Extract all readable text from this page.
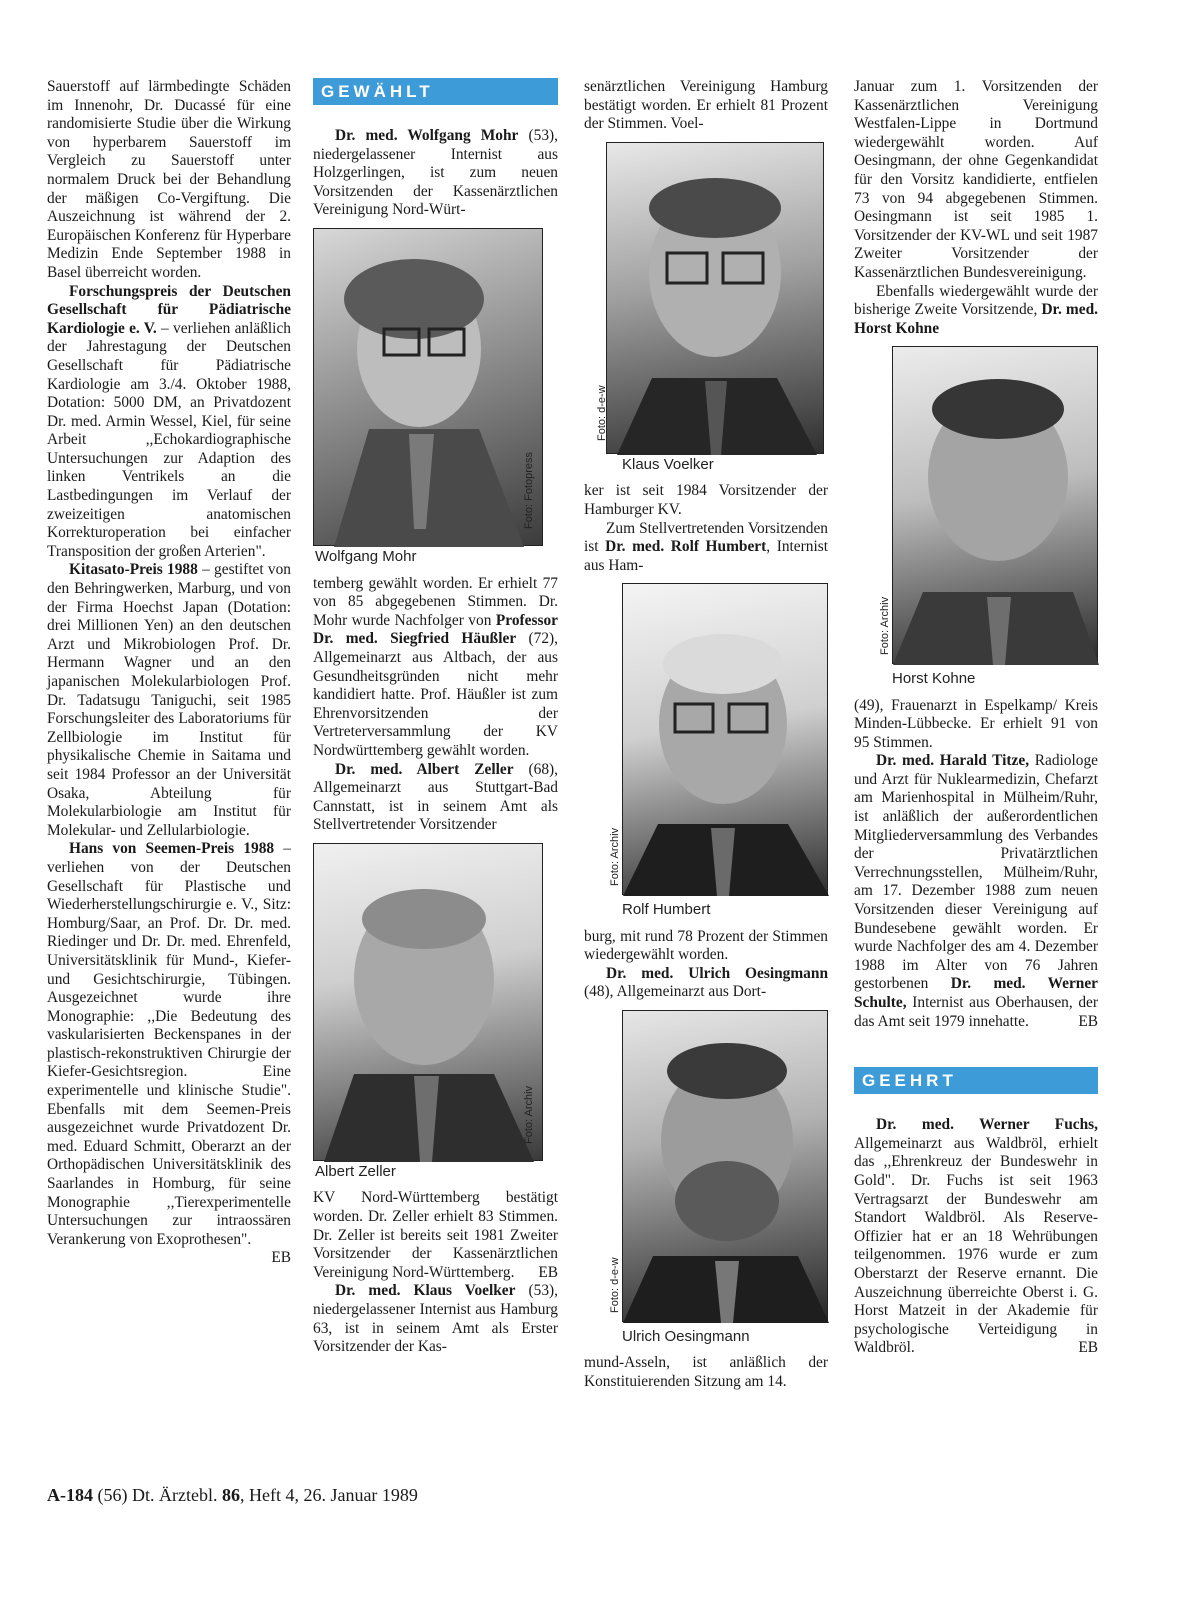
Sauerstoff auf lärmbedingte Schäden im Innenohr, Dr. Ducassé für eine randomisierte Studie über die Wirkung von hyperbarem Sauerstoff im Vergleich zu Sauerstoff unter normalem Druck bei der Behandlung der mäßigen Co-Vergiftung. Die Auszeichnung ist während der 2. Europäischen Konferenz für Hyperbare Medizin Ende September 1988 in Basel überreicht worden.

Forschungspreis der Deutschen Gesellschaft für Pädiatrische Kardiologie e. V. – verliehen anläßlich der Jahrestagung der Deutschen Gesellschaft für Pädiatrische Kardiologie am 3./4. Oktober 1988, Dotation: 5000 DM, an Privatdozent Dr. med. Armin Wessel, Kiel, für seine Arbeit ,,Echokardiographische Untersuchungen zur Adaption des linken Ventrikels an die Lastbedingungen im Verlauf der zweizeitigen anatomischen Korrekturoperation bei einfacher Transposition der großen Arterien".

Kitasato-Preis 1988 – gestiftet von den Behringwerken, Marburg, und von der Firma Hoechst Japan (Dotation: drei Millionen Yen) an den deutschen Arzt und Mikrobiologen Prof. Dr. Hermann Wagner und an den japanischen Molekularbiologen Prof. Dr. Tadatsugu Taniguchi, seit 1985 Forschungsleiter des Laboratoriums für Zellbiologie im Institut für physikalische Chemie in Saitama und seit 1984 Professor an der Universität Osaka, Abteilung für Molekularbiologie am Institut für Molekular- und Zellularbiologie.

Hans von Seemen-Preis 1988 – verliehen von der Deutschen Gesellschaft für Plastische und Wiederherstellungschirurgie e. V., Sitz: Homburg/Saar, an Prof. Dr. Dr. med. Riedinger und Dr. Dr. med. Ehrenfeld, Universitätsklinik für Mund-, Kiefer- und Gesichtschirurgie, Tübingen. Ausgezeichnet wurde ihre Monographie: ,,Die Bedeutung des vaskularisierten Beckenspanes in der plastisch-rekonstruktiven Chirurgie der Kiefer-Gesichtsregion. Eine experimentelle und klinische Studie". Ebenfalls mit dem Seemen-Preis ausgezeichnet wurde Privatdozent Dr. med. Eduard Schmitt, Oberarzt an der Orthopädischen Universitätsklinik des Saarlandes in Homburg, für seine Monographie ,,Tierexperimentelle Untersuchungen zur intraossären Verankerung von Exoprothesen".
EB

GEWÄHLT

Dr. med. Wolfgang Mohr (53), niedergelassener Internist aus Holzgerlingen, ist zum neuen Vorsitzenden der Kassenärztlichen Vereinigung Nord-Würt-

Foto: Fotopress
Wolfgang Mohr

temberg gewählt worden. Er erhielt 77 von 85 abgegebenen Stimmen. Dr. Mohr wurde Nachfolger von Professor Dr. med. Siegfried Häußler (72), Allgemeinarzt aus Altbach, der aus Gesundheitsgründen nicht mehr kandidiert hatte. Prof. Häußler ist zum Ehrenvorsitzenden der Vertreterversammlung der KV Nordwürttemberg gewählt worden.

Dr. med. Albert Zeller (68), Allgemeinarzt aus Stuttgart-Bad Cannstatt, ist in seinem Amt als Stellvertretender Vorsitzender

Foto: Archiv
Albert Zeller

KV Nord-Württemberg bestätigt worden. Dr. Zeller erhielt 83 Stimmen. Dr. Zeller ist bereits seit 1981 Zweiter Vorsitzender der Kassenärztlichen Vereinigung Nord-Württemberg. EB

Dr. med. Klaus Voelker (53), niedergelassener Internist aus Hamburg 63, ist in seinem Amt als Erster Vorsitzender der Kas-

senärztlichen Vereinigung Hamburg bestätigt worden. Er erhielt 81 Prozent der Stimmen. Voel-

Foto: d-e-w
Klaus Voelker

ker ist seit 1984 Vorsitzender der Hamburger KV.

Zum Stellvertretenden Vorsitzenden ist Dr. med. Rolf Humbert, Internist aus Ham-

Foto: Archiv
Rolf Humbert

burg, mit rund 78 Prozent der Stimmen wiedergewählt worden.

Dr. med. Ulrich Oesingmann (48), Allgemeinarzt aus Dort-

Foto: d-e-w
Ulrich Oesingmann

mund-Asseln, ist anläßlich der Konstituierenden Sitzung am 14.

Januar zum 1. Vorsitzenden der Kassenärztlichen Vereinigung Westfalen-Lippe in Dortmund wiedergewählt worden. Auf Oesingmann, der ohne Gegenkandidat für den Vorsitz kandidierte, entfielen 73 von 94 abgegebenen Stimmen. Oesingmann ist seit 1985 1. Vorsitzender der KV-WL und seit 1987 Zweiter Vorsitzender der Kassenärztlichen Bundesvereinigung.

Ebenfalls wiedergewählt wurde der bisherige Zweite Vorsitzende, Dr. med. Horst Kohne

Foto: Archiv
Horst Kohne

(49), Frauenarzt in Espelkamp/ Kreis Minden-Lübbecke. Er erhielt 91 von 95 Stimmen.

Dr. med. Harald Titze, Radiologe und Arzt für Nuklearmedizin, Chefarzt am Marienhospital in Mülheim/Ruhr, ist anläßlich der außerordentlichen Mitgliederversammlung des Verbandes der Privatärztlichen Verrechnungsstellen, Mülheim/Ruhr, am 17. Dezember 1988 zum neuen Vorsitzenden dieser Vereinigung auf Bundesebene gewählt worden. Er wurde Nachfolger des am 4. Dezember 1988 im Alter von 76 Jahren gestorbenen Dr. med. Werner Schulte, Internist aus Oberhausen, der das Amt seit 1979 innehatte.	EB

GEEHRT

Dr. med. Werner Fuchs, Allgemeinarzt aus Waldbröl, erhielt das ,,Ehrenkreuz der Bundeswehr in Gold". Dr. Fuchs ist seit 1963 Vertragsarzt der Bundeswehr am Standort Waldbröl. Als Reserve-Offizier hat er an 18 Wehrübungen teilgenommen. 1976 wurde er zum Oberstarzt der Reserve ernannt. Die Auszeichnung überreichte Oberst i. G. Horst Matzeit in der Akademie für psychologische Verteidigung in Waldbröl.	EB

A-184 (56) Dt. Ärztebl. 86, Heft 4, 26. Januar 1989
